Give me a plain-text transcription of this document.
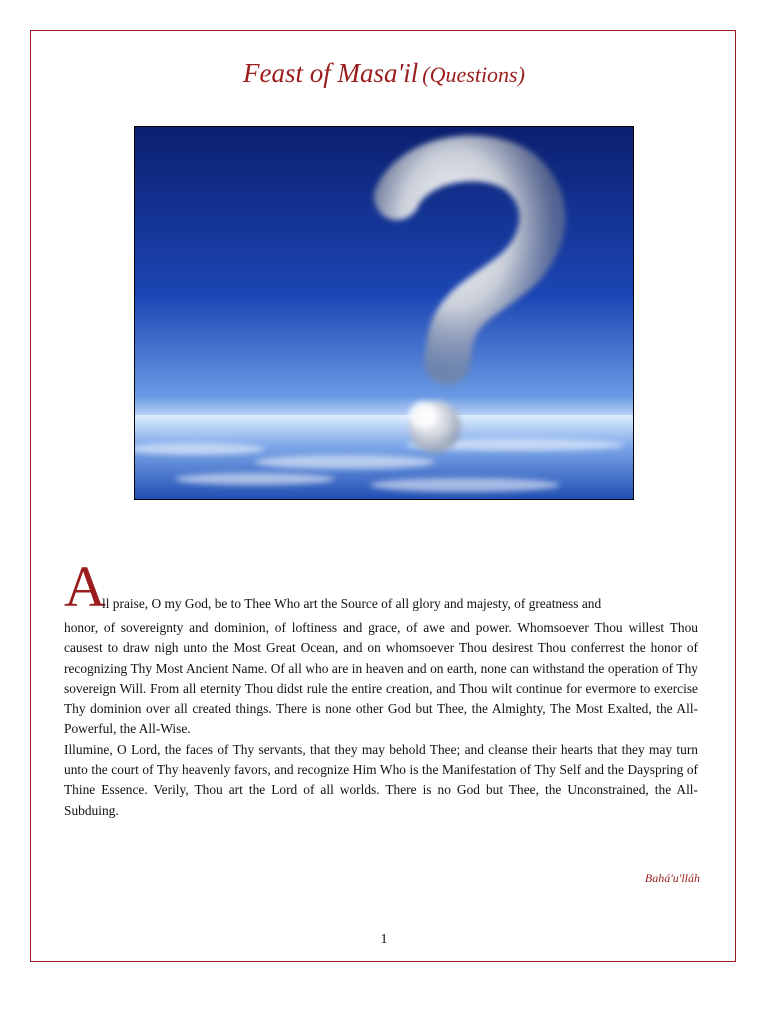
Feast of Masa'il (Questions)
A
ll praise, O my God, be to Thee Who art the Source of all glory and majesty, of greatness and

honor, of sovereignty and dominion, of loftiness and grace, of awe and power. Whomsoever Thou willest Thou causest to draw nigh unto the Most Great Ocean, and on whomsoever Thou desirest Thou conferrest the honor of recognizing Thy Most Ancient Name. Of all who are in heaven and on earth, none can withstand the operation of Thy sovereign Will. From all eternity Thou didst rule the entire creation, and Thou wilt continue for evermore to exercise Thy dominion over all created things. There is none other God but Thee, the Almighty, The Most Exalted, the All-Powerful, the All-Wise.

Illumine, O Lord, the faces of Thy servants, that they may behold Thee; and cleanse their hearts that they may turn unto the court of Thy heavenly favors, and recognize Him Who is the Manifestation of Thy Self and the Dayspring of Thine Essence. Verily, Thou art the Lord of all worlds. There is no God but Thee, the Unconstrained, the All-Subduing.

Bahá'u'lláh
1
